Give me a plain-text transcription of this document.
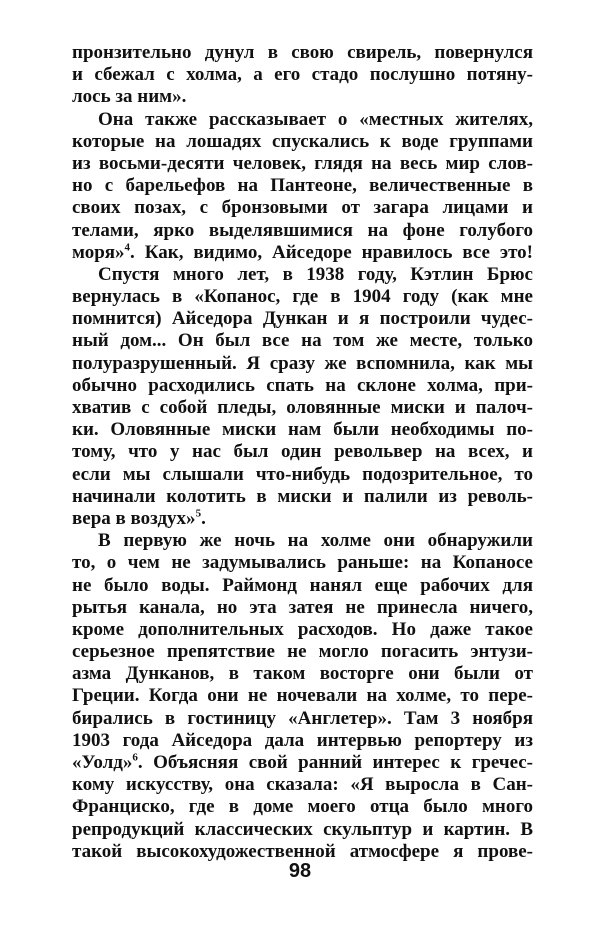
пронзительно дунул в свою свирель, повернулся
и сбежал с холма, а его стадо послушно потяну-
лось за ним».
Она также рассказывает о «местных жителях,
которые на лошадях спускались к воде группами
из восьми-десяти человек, глядя на весь мир слов-
но с барельефов на Пантеоне, величественные в
своих позах, с бронзовыми от загара лицами и
телами, ярко выделявшимися на фоне голубого
моря»$^4$. Как, видимо, Айседоре нравилось все это!
Спустя много лет, в 1938 году, Кэтлин Брюс
вернулась в «Копанос, где в 1904 году (как мне
помнится) Айседора Дункан и я построили чудес-
ный дом... Он был все на том же месте, только
полуразрушенный. Я сразу же вспомнила, как мы
обычно расходились спать на склоне холма, при-
хватив с собой пледы, оловянные миски и палоч-
ки. Оловянные миски нам были необходимы по-
тому, что у нас был один револьвер на всех, и
если мы слышали что-нибудь подозрительное, то
начинали колотить в миски и палили из револь-
вера в воздух»$^5$.
В первую же ночь на холме они обнаружили
то, о чем не задумывались раньше: на Копаносе
не было воды. Раймонд нанял еще рабочих для
рытья канала, но эта затея не принесла ничего,
кроме дополнительных расходов. Но даже такое
серьезное препятствие не могло погасить энтузи-
азма Дунканов, в таком восторге они были от
Греции. Когда они не ночевали на холме, то пере-
бирались в гостиницу «Англетер». Там 3 ноября
1903 года Айседора дала интервью репортеру из
«Уолд»$^6$. Объясняя свой ранний интерес к гречес-
кому искусству, она сказала: «Я выросла в Сан-
Франциско, где в доме моего отца было много
репродукций классических скульптур и картин. В
такой высокохудожественной атмосфере я прове-
98
